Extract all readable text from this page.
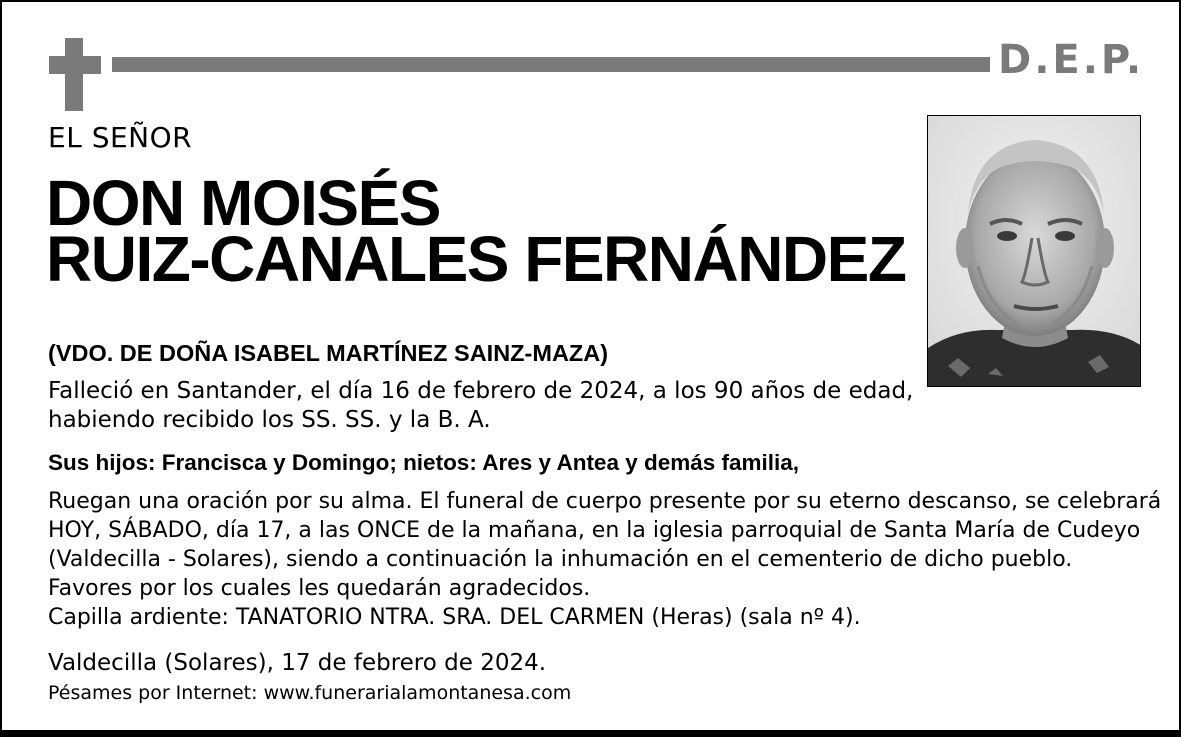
D.E.P.
EL SEÑOR
DON MOISÉS
RUIZ-CANALES FERNÁNDEZ
(VDO. DE DOÑA ISABEL MARTÍNEZ SAINZ-MAZA)
Falleció en Santander, el día 16 de febrero de 2024, a los 90 años de edad,
habiendo recibido los SS. SS. y la B. A.
Sus hijos: Francisca y Domingo; nietos: Ares y Antea y demás familia,
Ruegan una oración por su alma. El funeral de cuerpo presente por su eterno descanso, se celebrará
HOY, SÁBADO, día 17, a las ONCE de la mañana, en la iglesia parroquial de Santa María de Cudeyo
(Valdecilla - Solares), siendo a continuación la inhumación en el cementerio de dicho pueblo.
Favores por los cuales les quedarán agradecidos.
Capilla ardiente: TANATORIO NTRA. SRA. DEL CARMEN (Heras) (sala nº 4).
Valdecilla (Solares), 17 de febrero de 2024.
Pésames por Internet: www.funerarialamontanesa.com
